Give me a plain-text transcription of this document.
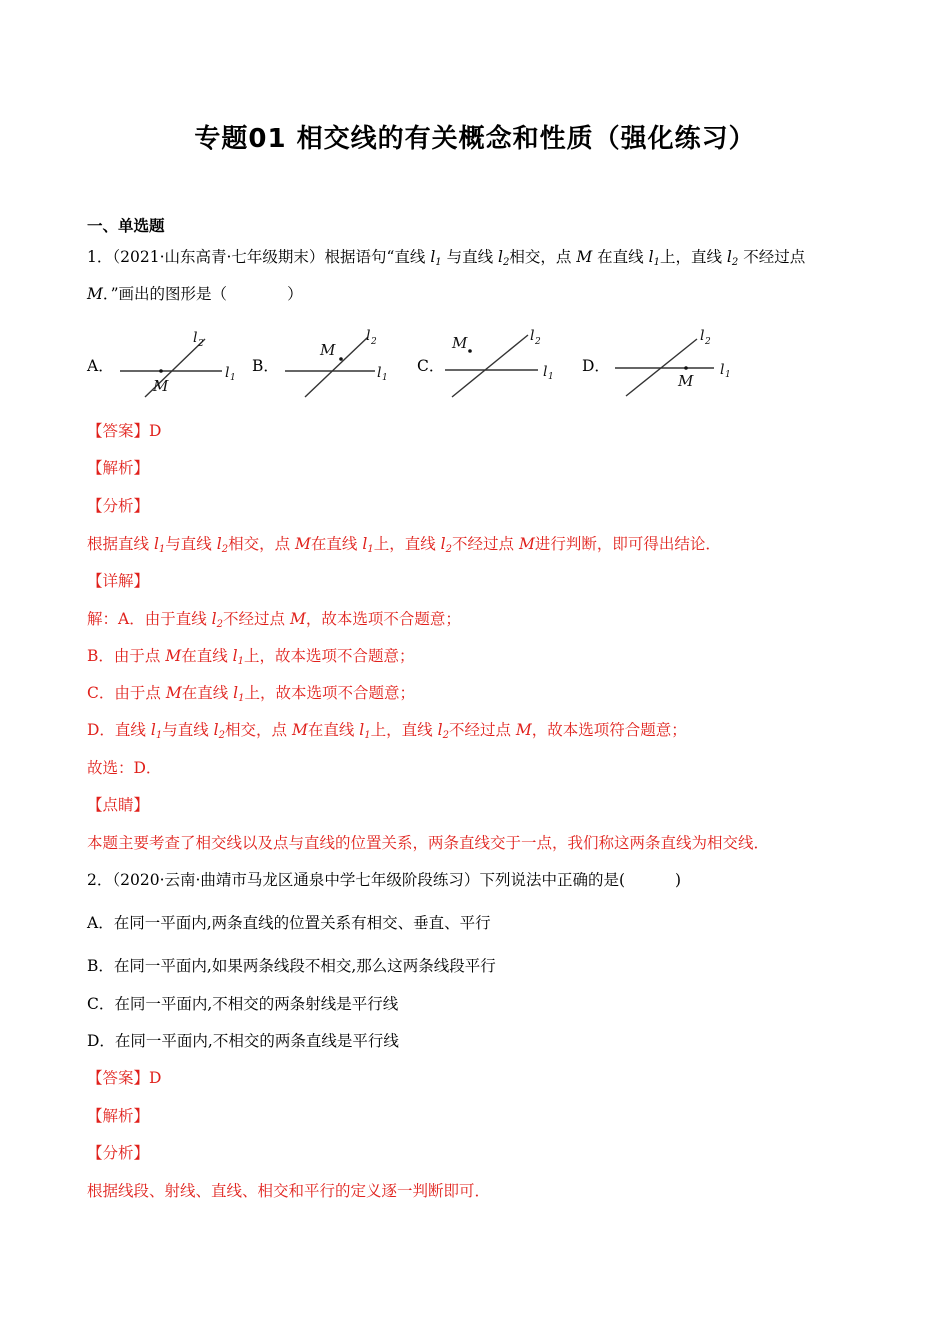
专题01 相交线的有关概念和性质（强化练习）
一、单选题
1．（2021·山东高青·七年级期末）根据语句“直线 $l_1$ 与直线 $l_2$相交，点 M 在直线 $l_1$上，直线 $l_2$ 不经过点
M．”画出的图形是（	）
A．	B．	C．	D．
M
l 1
l 2	M
l 1
l 2	M
l 1
l 2
M
l 1
l 2
【答案】D
【解析】
【分析】
根据直线 $l_1$与直线 $l_2$相交，点 M在直线 $l_1$上，直线 $l_2$不经过点 M进行判断，即可得出结论．
【详解】
解：A．由于直线 $l_2$不经过点 M，故本选项不合题意；
B．由于点 M在直线 $l_1$上，故本选项不合题意；
C．由于点 M在直线 $l_1$上，故本选项不合题意；
D．直线 $l_1$与直线 $l_2$相交，点 M在直线 $l_1$上，直线 $l_2$不经过点 M，故本选项符合题意；
故选：D．
【点睛】
本题主要考查了相交线以及点与直线的位置关系，两条直线交于一点，我们称这两条直线为相交线．
2．（2020·云南·曲靖市马龙区通泉中学七年级阶段练习）下列说法中正确的是(	)
A．在同一平面内,两条直线的位置关系有相交、垂直、平行
B．在同一平面内,如果两条线段不相交,那么这两条线段平行
C．在同一平面内,不相交的两条射线是平行线
D．在同一平面内,不相交的两条直线是平行线
【答案】D
【解析】
【分析】
根据线段、射线、直线、相交和平行的定义逐一判断即可．
